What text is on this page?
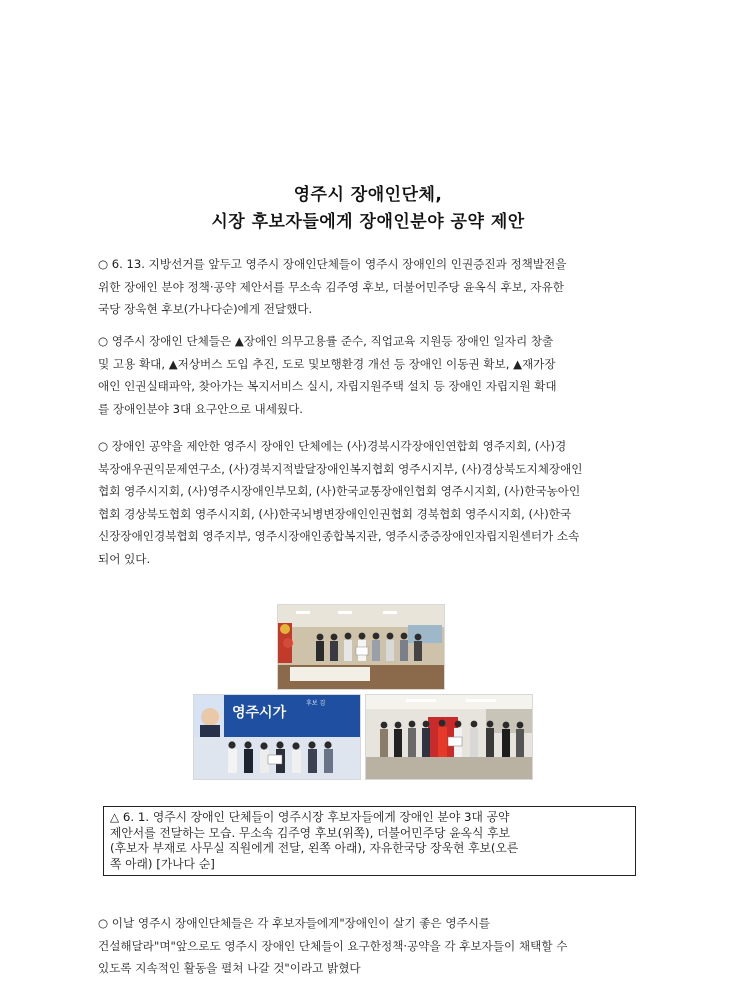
영주시 장애인단체,
시장 후보자들에게 장애인분야 공약 제안

○ 6. 13. 지방선거를 앞두고 영주시 장애인단체들이 영주시 장애인의 인권증진과 정책발전을
위한 장애인 분야 정책·공약 제안서를 무소속 김주영 후보, 더불어민주당 윤옥식 후보, 자유한
국당 장욱현 후보(가나다순)에게 전달했다.

○ 영주시 장애인 단체들은 ▲장애인 의무고용률 준수, 직업교육 지원등 장애인 일자리 창출
및 고용 확대, ▲저상버스 도입 추진, 도로 및보행환경 개선 등 장애인 이동권 확보, ▲재가장
애인 인권실태파악, 찾아가는 복지서비스 실시, 자립지원주택 설치 등 장애인 자립지원 확대
를 장애인분야 3대 요구안으로 내세웠다.

○ 장애인 공약을 제안한 영주시 장애인 단체에는 (사)경북시각장애인연합회 영주지회, (사)경
북장애우권익문제연구소, (사)경북지적발달장애인복지협회 영주시지부, (사)경상북도지체장애인
협회 영주시지회, (사)영주시장애인부모회, (사)한국교통장애인협회 영주시지회, (사)한국농아인
협회 경상북도협회 영주시지회, (사)한국뇌병변장애인인권협회 경북협회 영주시지회, (사)한국
신장장애인경북협회 영주지부, 영주시장애인종합복지관, 영주시중증장애인자립지원센터가 소속
되어 있다.

영주시가
후보 김
△ 6. 1. 영주시 장애인 단체들이 영주시장 후보자들에게 장애인 분야 3대 공약
제안서를 전달하는 모습. 무소속 김주영 후보(위쪽), 더불어민주당 윤옥식 후보
(후보자 부재로 사무실 직원에게 전달, 왼쪽 아래), 자유한국당 장욱현 후보(오른
쪽 아래) [가나다 순]

○ 이날 영주시 장애인단체들은 각 후보자들에게"장애인이 살기 좋은 영주시를
건설해달라"며"앞으로도 영주시 장애인 단체들이 요구한정책·공약을 각 후보자들이 채택할 수
있도록 지속적인 활동을 펼쳐 나갈 것"이라고 밝혔다
